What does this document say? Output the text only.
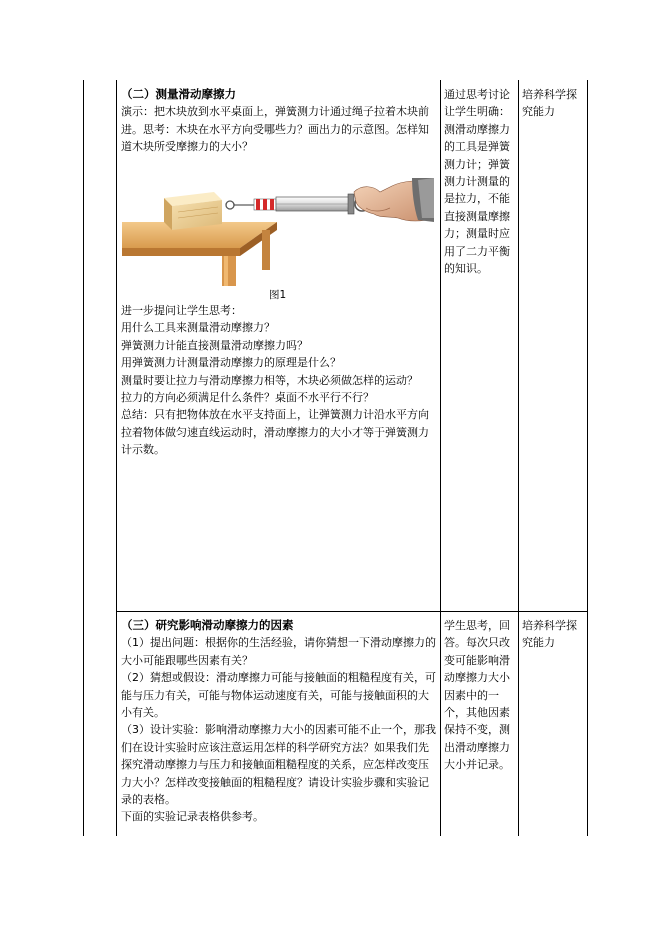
（二）测量滑动摩擦力
演示：把木块放到水平桌面上，弹簧测力计通过绳子拉着木块前进。思考：木块在水平方向受哪些力？画出力的示意图。怎样知道木块所受摩擦力的大小？
图1
进一步提问让学生思考：
用什么工具来测量滑动摩擦力？
弹簧测力计能直接测量滑动摩擦力吗？
用弹簧测力计测量滑动摩擦力的原理是什么？
测量时要让拉力与滑动摩擦力相等，木块必须做怎样的运动？
拉力的方向必须满足什么条件？桌面不水平行不行？
总结：只有把物体放在水平支持面上，让弹簧测力计沿水平方向拉着物体做匀速直线运动时，滑动摩擦力的大小才等于弹簧测力计示数。
通过思考讨论让学生明确：测滑动摩擦力的工具是弹簧测力计；弹簧测力计测量的是拉力，不能直接测量摩擦力；测量时应用了二力平衡的知识。
培养科学探究能力
（三）研究影响滑动摩擦力的因素
（1）提出问题：根据你的生活经验，请你猜想一下滑动摩擦力的大小可能跟哪些因素有关？
（2）猜想或假设：滑动摩擦力可能与接触面的粗糙程度有关，可能与压力有关，可能与物体运动速度有关，可能与接触面积的大小有关。
（3）设计实验：影响滑动摩擦力大小的因素可能不止一个，那我们在设计实验时应该注意运用怎样的科学研究方法？如果我们先探究滑动摩擦力与压力和接触面粗糙程度的关系，应怎样改变压力大小？怎样改变接触面的粗糙程度？请设计实验步骤和实验记录的表格。
下面的实验记录表格供参考。
学生思考，回答。每次只改变可能影响滑动摩擦力大小因素中的一个，其他因素保持不变，测出滑动摩擦力大小并记录。
培养科学探究能力
